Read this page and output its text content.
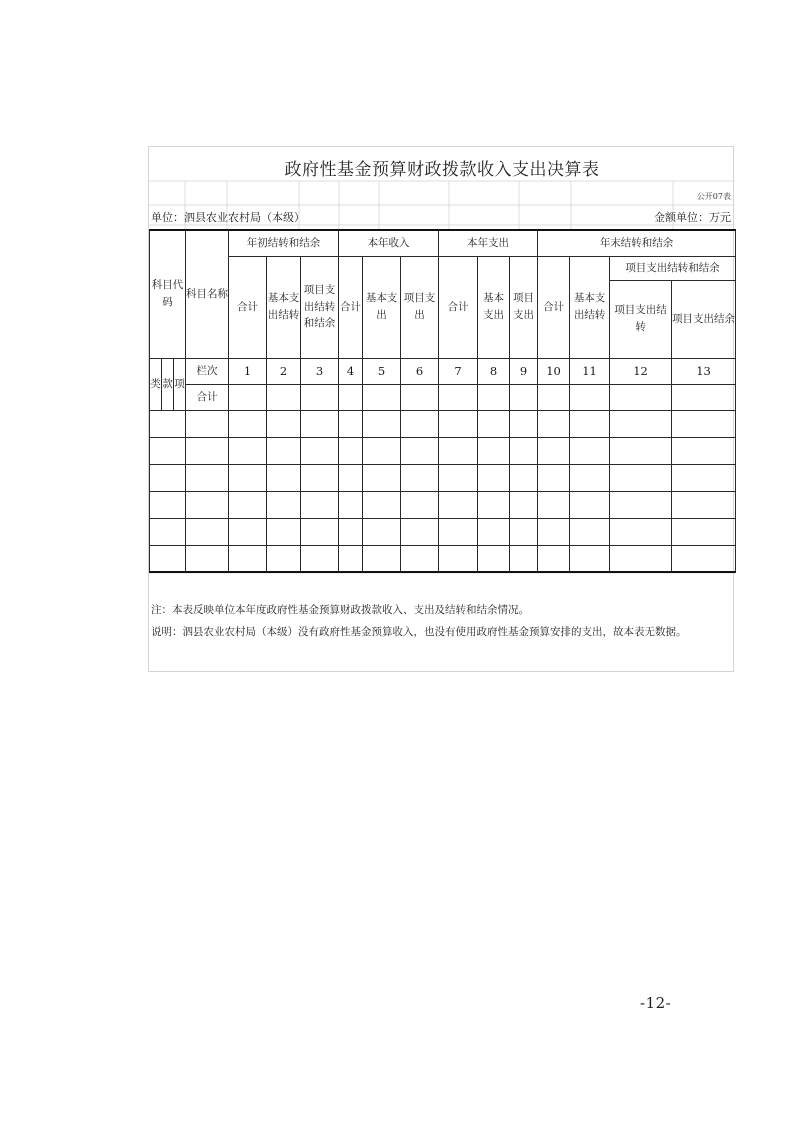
政府性基金预算财政拨款收入支出决算表
公开07表
单位：泗县农业农村局（本级）	金额单位：万元
科目代码			科目名称	年初结转和结余			本年收入			本年支出			年末结转和结余			
				合计	基本支出结转	项目支出结转和结余	合计	基本支出	项目支出	合计	基本支出	项目支出	合计	基本支出结转	项目支出结转和结余	
															项目支出结转	项目支出结余

类	款	项	栏次	1	2	3	4	5	6	7	8	9	10	11	12	13
			合计													

注：本表反映单位本年度政府性基金预算财政拨款收入、支出及结转和结余情况。
说明：泗县农业农村局（本级）没有政府性基金预算收入，也没有使用政府性基金预算安排的支出，故本表无数据。
-12-
